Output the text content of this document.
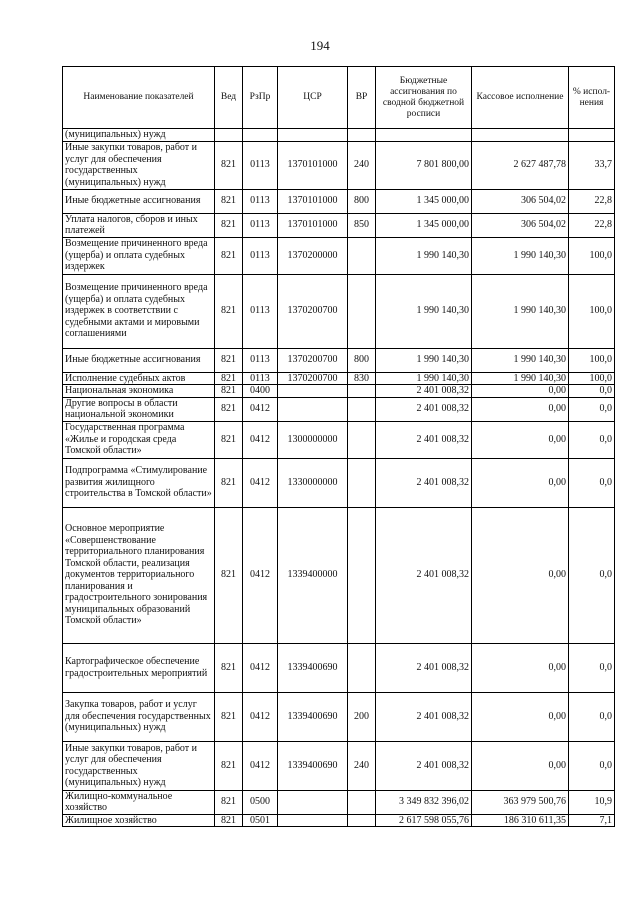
194
Наименование показателей	Вед	РзПр	ЦСР	ВР	Бюджетные ассигнования по сводной бюджетной росписи	Кассовое исполнение	% испол-нения
(муниципальных) нужд							
Иные закупки товаров, работ и услуг для обеспечения государственных (муниципальных) нужд	821	0113	1370101000	240	7 801 800,00	2 627 487,78	33,7
Иные бюджетные ассигнования	821	0113	1370101000	800	1 345 000,00	306 504,02	22,8
Уплата налогов, сборов и иных платежей	821	0113	1370101000	850	1 345 000,00	306 504,02	22,8
Возмещение причиненного вреда (ущерба) и оплата судебных издержек	821	0113	1370200000		1 990 140,30	1 990 140,30	100,0
Возмещение причиненного вреда (ущерба) и оплата судебных издержек в соответствии с судебными актами и мировыми соглашениями	821	0113	1370200700		1 990 140,30	1 990 140,30	100,0
Иные бюджетные ассигнования	821	0113	1370200700	800	1 990 140,30	1 990 140,30	100,0
Исполнение судебных актов	821	0113	1370200700	830	1 990 140,30	1 990 140,30	100,0
Национальная экономика	821	0400			2 401 008,32	0,00	0,0
Другие вопросы в области национальной экономики	821	0412			2 401 008,32	0,00	0,0
Государственная программа «Жилье и городская среда Томской области»	821	0412	1300000000		2 401 008,32	0,00	0,0
Подпрограмма «Стимулирование развития жилищного строительства в Томской области»	821	0412	1330000000		2 401 008,32	0,00	0,0
Основное мероприятие «Совершенствование территориального планирования Томской области, реализация документов территориального планирования и градостроительного зонирования муниципальных образований Томской области»	821	0412	1339400000		2 401 008,32	0,00	0,0
Картографическое обеспечение градостроительных мероприятий	821	0412	1339400690		2 401 008,32	0,00	0,0
Закупка товаров, работ и услуг для обеспечения государственных (муниципальных) нужд	821	0412	1339400690	200	2 401 008,32	0,00	0,0
Иные закупки товаров, работ и услуг для обеспечения государственных (муниципальных) нужд	821	0412	1339400690	240	2 401 008,32	0,00	0,0
Жилищно-коммунальное хозяйство	821	0500			3 349 832 396,02	363 979 500,76	10,9
Жилищное хозяйство	821	0501			2 617 598 055,76	186 310 611,35	7,1
